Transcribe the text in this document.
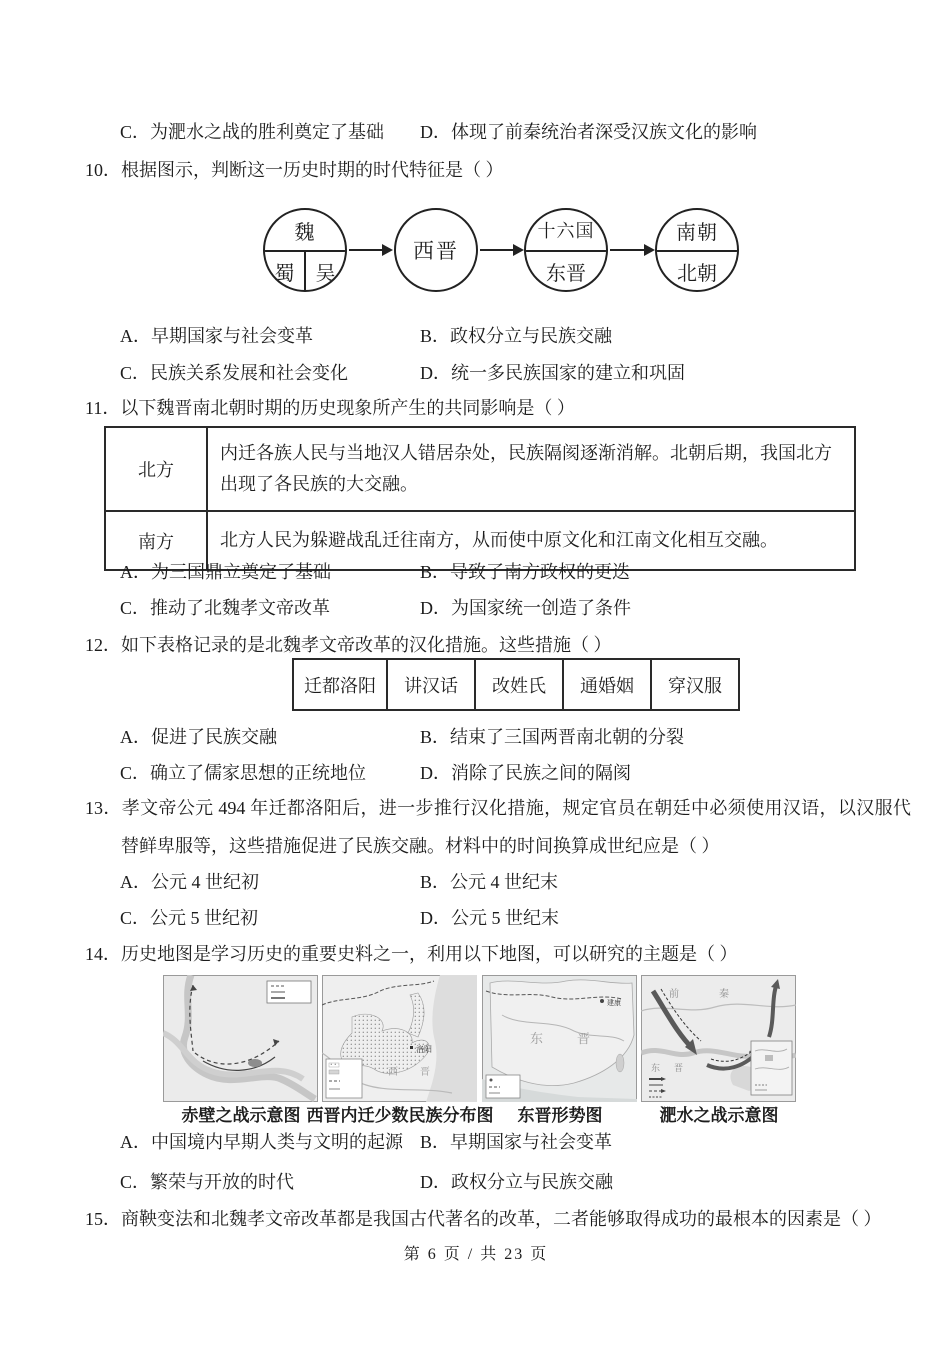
C．为淝水之战的胜利奠定了基础 D．体现了前秦统治者深受汉族文化的影响
10．根据图示，判断这一历史时期的时代特征是（ ）
魏
蜀	吴
西晋
十六国
东晋
南朝
北朝
A．早期国家与社会变革	B．政权分立与民族交融
C．民族关系发展和社会变化	D．统一多民族国家的建立和巩固
11．以下魏晋南北朝时期的历史现象所产生的共同影响是（ ）
北方	内迁各族人民与当地汉人错居杂处，民族隔阂逐渐消解。北朝后期，我国北方出现了各民族的大交融。
南方	北方人民为躲避战乱迁往南方，从而使中原文化和江南文化相互交融。
A．为三国鼎立奠定了基础	B．导致了南方政权的更迭
C．推动了北魏孝文帝改革	D．为国家统一创造了条件
12．如下表格记录的是北魏孝文帝改革的汉化措施。这些措施（ ）
迁都洛阳	讲汉话	改姓氏	通婚姻	穿汉服
A．促进了民族交融	B．结束了三国两晋南北朝的分裂
C．确立了儒家思想的正统地位	D．消除了民族之间的隔阂
13．孝文帝公元 494 年迁都洛阳后，进一步推行汉化措施，规定官员在朝廷中必须使用汉语，以汉服代替鲜卑服等，这些措施促进了民族交融。材料中的时间换算成世纪应是（ ）
A．公元 4 世纪初	B．公元 4 世纪末
C．公元 5 世纪初	D．公元 5 世纪末
14．历史地图是学习历史的重要史料之一，利用以下地图，可以研究的主题是（ ）
洛阳
西晋
建康
东晋
前秦
东晋
赤壁之战示意图 西晋内迁少数民族分布图	东晋形势图	淝水之战示意图
A．中国境内早期人类与文明的起源 B．早期国家与社会变革
C．繁荣与开放的时代	D．政权分立与民族交融
15．商鞅变法和北魏孝文帝改革都是我国古代著名的改革，二者能够取得成功的最根本的因素是（ ）
第 6 页 / 共 23 页
